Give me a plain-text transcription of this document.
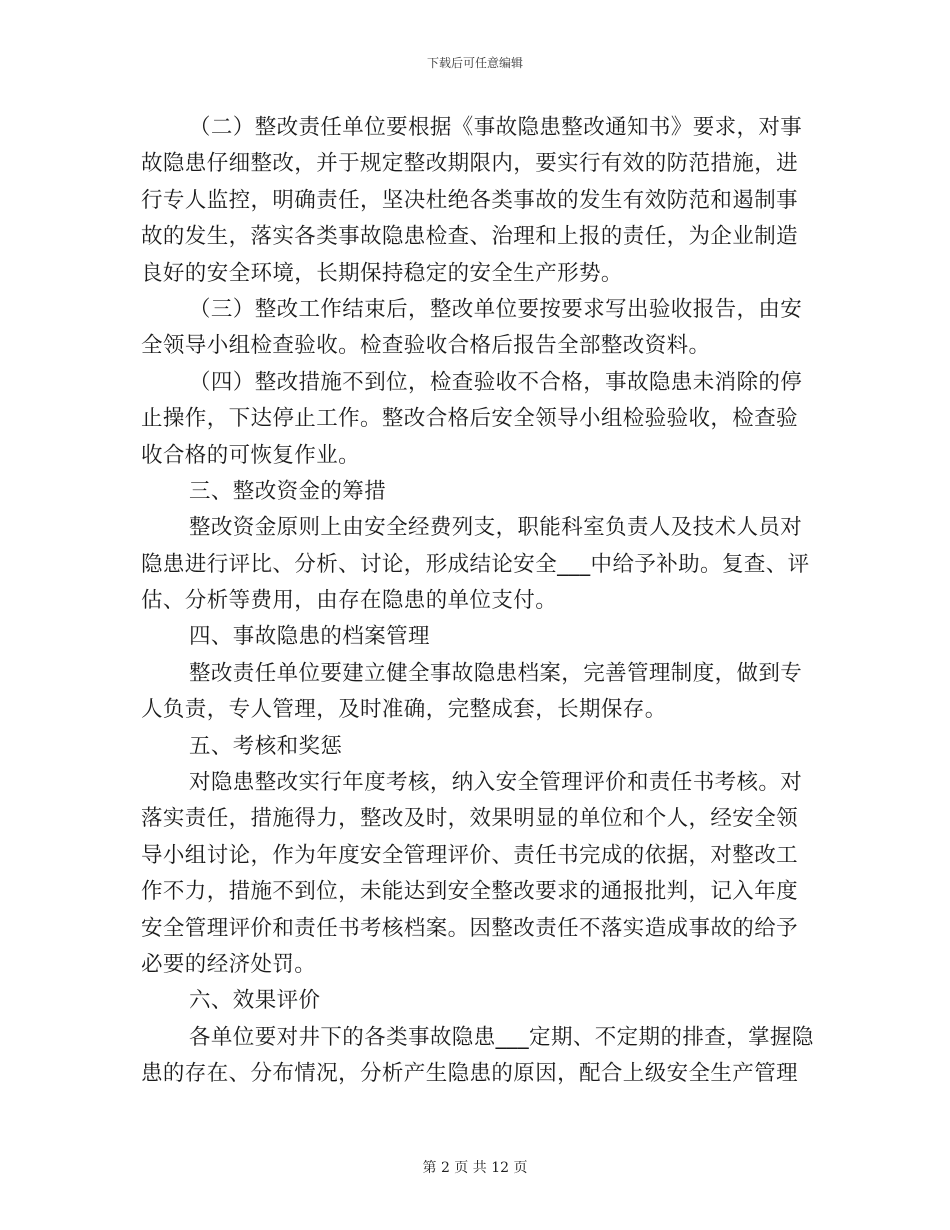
下载后可任意编辑
（二）整改责任单位要根据《事故隐患整改通知书》要求，对事
故隐患仔细整改，并于规定整改期限内，要实行有效的防范措施，进
行专人监控，明确责任，坚决杜绝各类事故的发生有效防范和遏制事
故的发生，落实各类事故隐患检查、治理和上报的责任，为企业制造
良好的安全环境，长期保持稳定的安全生产形势。
（三）整改工作结束后，整改单位要按要求写出验收报告，由安
全领导小组检查验收。检查验收合格后报告全部整改资料。
（四）整改措施不到位，检查验收不合格，事故隐患未消除的停
止操作，下达停止工作。整改合格后安全领导小组检验验收，检查验
收合格的可恢复作业。
三、整改资金的筹措
整改资金原则上由安全经费列支，职能科室负责人及技术人员对
隐患进行评比、分析、讨论，形成结论安全___中给予补助。复查、评
估、分析等费用，由存在隐患的单位支付。
四、事故隐患的档案管理
整改责任单位要建立健全事故隐患档案，完善管理制度，做到专
人负责，专人管理，及时准确，完整成套，长期保存。
五、考核和奖惩
对隐患整改实行年度考核，纳入安全管理评价和责任书考核。对
落实责任，措施得力，整改及时，效果明显的单位和个人，经安全领
导小组讨论，作为年度安全管理评价、责任书完成的依据，对整改工
作不力，措施不到位，未能达到安全整改要求的通报批判，记入年度
安全管理评价和责任书考核档案。因整改责任不落实造成事故的给予
必要的经济处罚。
六、效果评价
各单位要对井下的各类事故隐患___定期、不定期的排查，掌握隐
患的存在、分布情况，分析产生隐患的原因，配合上级安全生产管理
第 2 页 共 12 页
